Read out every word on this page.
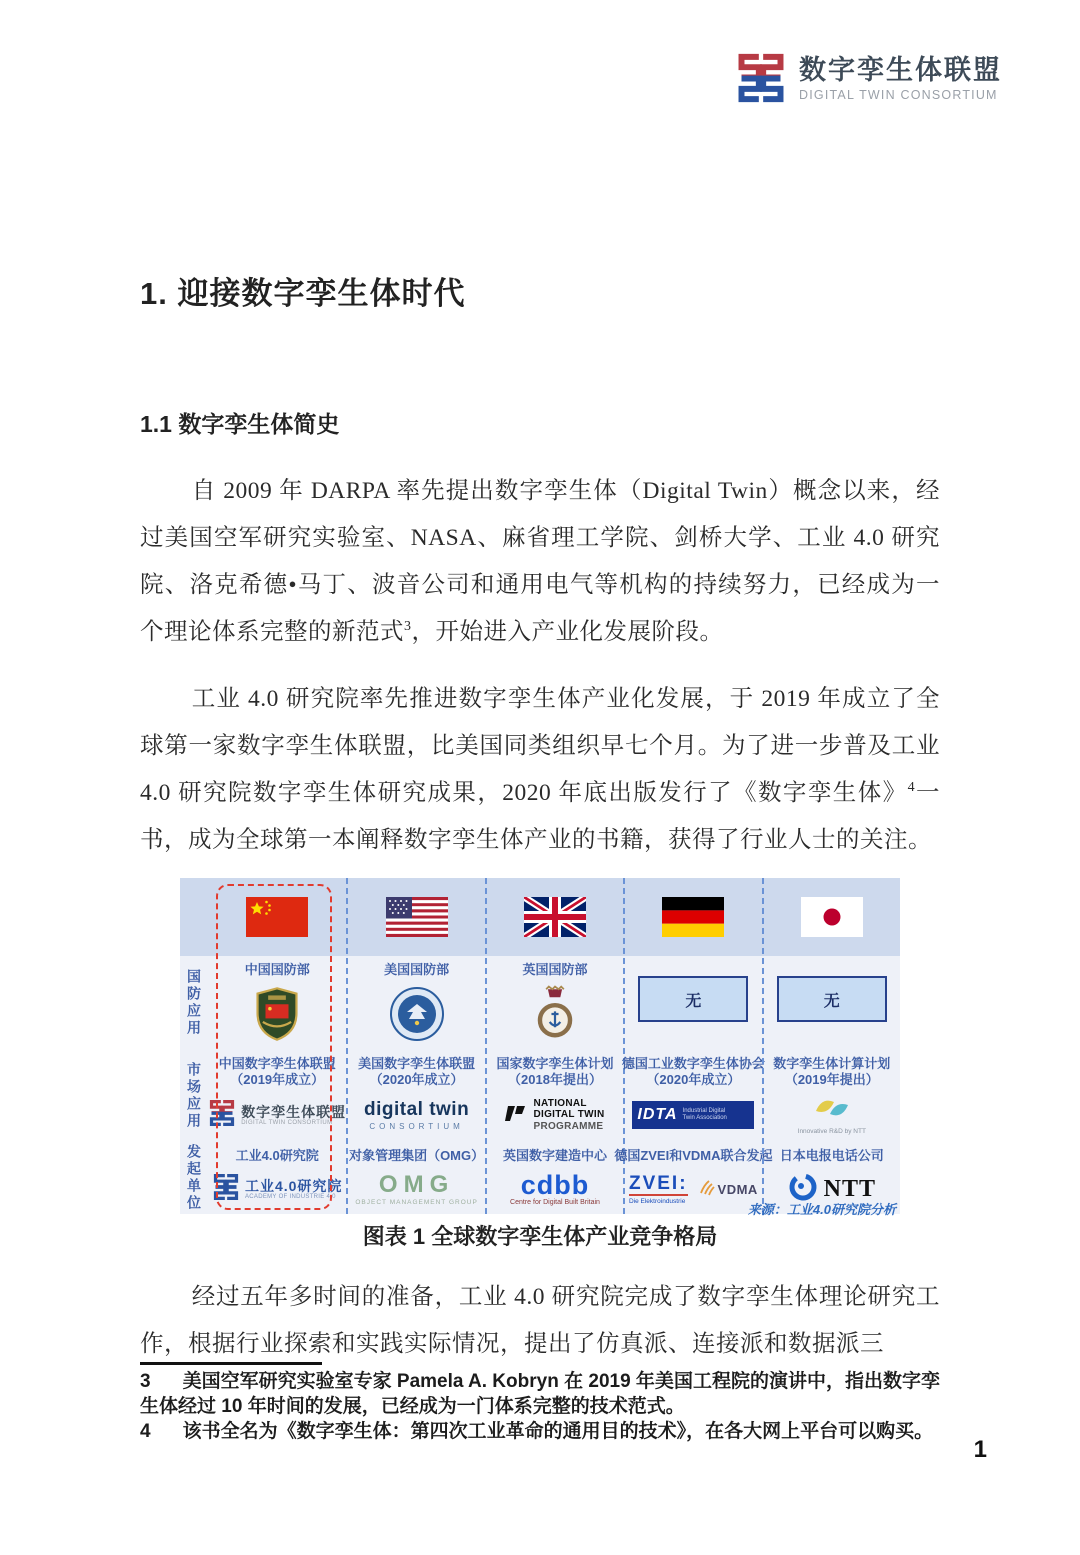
数字孪生体联盟
DIGITAL TWIN CONSORTIUM
1. 迎接数字孪生体时代
1.1 数字孪生体简史

自 2009 年 DARPA 率先提出数字孪生体（Digital Twin）概念以来，经过美国空军研究实验室、NASA、麻省理工学院、剑桥大学、工业 4.0 研究院、洛克希德•马丁、波音公司和通用电气等机构的持续努力，已经成为一个理论体系完整的新范式$^3$，开始进入产业化发展阶段。

工业 4.0 研究院率先推进数字孪生体产业化发展，于 2019 年成立了全球第一家数字孪生体联盟，比美国同类组织早七个月。为了进一步普及工业 4.0 研究院数字孪生体研究成果，2020 年底出版发行了《数字孪生体》$^4$一书，成为全球第一本阐释数字孪生体产业的书籍，获得了行业人士的关注。

国防应用
市场应用
发起单位
中国国防部
中国数字孪生体联盟
（2019年成立）
数字孪生体联盟
DIGITAL TWIN CONSORTIUM
工业4.0研究院
工业4.0研究院
ACADEMY OF INDUSTRIE 4.0
美国国防部
美国数字孪生体联盟
（2020年成立）
digital twin
CONSORTIUM
对象管理集团（OMG）
OMG
OBJECT MANAGEMENT GROUP
英国国防部
国家数字孪生体计划
（2018年提出）
NATIONAL
DIGITAL TWIN
PROGRAMME
英国数字建造中心
cdbb
Centre for Digital Built Britain
无
德国工业数字孪生体协会
（2020年成立）
IDTA Industrial Digital Twin Association
德国ZVEI和VDMA联合发起
ZVEI:
Die Elektroindustrie
VDMA
无
数字孪生体计算计划
（2019年提出）
Innovative R&D by NTT
日本电报电话公司
NTT
来源：工业4.0研究院分析
图表 1 全球数字孪生体产业竞争格局

经过五年多时间的准备，工业 4.0 研究院完成了数字孪生体理论研究工作，根据行业探索和实践实际情况，提出了仿真派、连接派和数据派三

3 美国空军研究实验室专家 Pamela A. Kobryn 在 2019 年美国工程院的演讲中，指出数字孪生体经过 10 年时间的发展，已经成为一门体系完整的技术范式。

4 该书全名为《数字孪生体：第四次工业革命的通用目的技术》，在各大网上平台可以购买。

1
